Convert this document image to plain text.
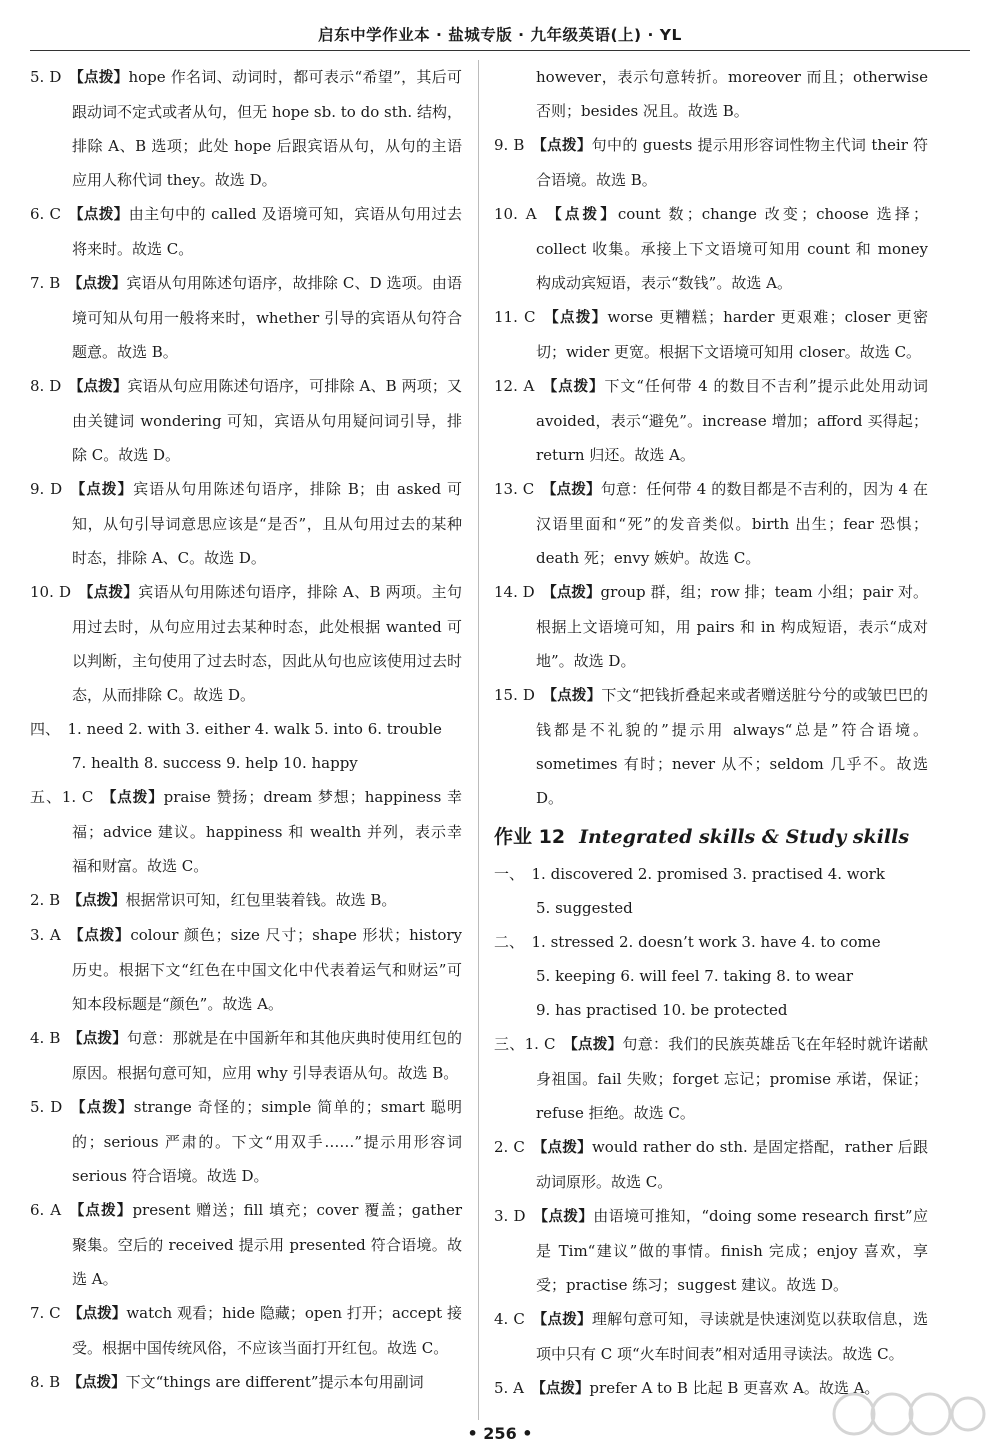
启东中学作业本 · 盐城专版 · 九年级英语(上) · YL
5. D  【点拨】hope 作名词、动词时，都可表示“希望”，其后可跟动词不定式或者从句，但无 hope sb. to do sth. 结构，排除 A、B 选项；此处 hope 后跟宾语从句，从句的主语应用人称代词 they。故选 D。
6. C  【点拨】由主句中的 called 及语境可知，宾语从句用过去将来时。故选 C。
7. B  【点拨】宾语从句用陈述句语序，故排除 C、D 选项。由语境可知从句用一般将来时，whether 引导的宾语从句符合题意。故选 B。
8. D  【点拨】宾语从句应用陈述句语序，可排除 A、B 两项；又由关键词 wondering 可知，宾语从句用疑问词引导，排除 C。故选 D。
9. D  【点拨】宾语从句用陈述句语序，排除 B；由 asked 可知，从句引导词意思应该是“是否”，且从句用过去的某种时态，排除 A、C。故选 D。
10. D  【点拨】宾语从句用陈述句语序，排除 A、B 两项。主句用过去时，从句应用过去某种时态，此处根据 wanted 可以判断，主句使用了过去时态，因此从句也应该使用过去时态，从而排除 C。故选 D。
四、  1. need 2. with 3. either 4. walk 5. into 6. trouble
7. health 8. success 9. help 10. happy
五、1. C  【点拨】praise 赞扬；dream 梦想；happiness 幸福；advice 建议。happiness 和 wealth 并列，表示幸福和财富。故选 C。
2. B  【点拨】根据常识可知，红包里装着钱。故选 B。
3. A  【点拨】colour 颜色；size 尺寸；shape 形状；history 历史。根据下文“红色在中国文化中代表着运气和财运”可知本段标题是“颜色”。故选 A。
4. B  【点拨】句意：那就是在中国新年和其他庆典时使用红包的原因。根据句意可知，应用 why 引导表语从句。故选 B。
5. D  【点拨】strange 奇怪的；simple 简单的；smart 聪明的；serious 严肃的。下文“用双手……”提示用形容词 serious 符合语境。故选 D。
6. A  【点拨】present 赠送；fill 填充；cover 覆盖；gather 聚集。空后的 received 提示用 presented 符合语境。故选 A。
7. C  【点拨】watch 观看；hide 隐藏；open 打开；accept 接受。根据中国传统风俗，不应该当面打开红包。故选 C。
8. B  【点拨】下文“things are different”提示本句用副词
however，表示句意转折。moreover 而且；otherwise 否则；besides 况且。故选 B。
9. B  【点拨】句中的 guests 提示用形容词性物主代词 their 符合语境。故选 B。
10. A  【点拨】count 数；change 改变；choose 选择；collect 收集。承接上下文语境可知用 count 和 money 构成动宾短语，表示“数钱”。故选 A。
11. C  【点拨】worse 更糟糕；harder 更艰难；closer 更密切；wider 更宽。根据下文语境可知用 closer。故选 C。
12. A  【点拨】下文“任何带 4 的数目不吉利”提示此处用动词 avoided，表示“避免”。increase 增加；afford 买得起；return 归还。故选 A。
13. C  【点拨】句意：任何带 4 的数目都是不吉利的，因为 4 在汉语里面和“死”的发音类似。birth 出生；fear 恐惧；death 死；envy 嫉妒。故选 C。
14. D  【点拨】group 群，组；row 排；team 小组；pair 对。根据上文语境可知，用 pairs 和 in 构成短语，表示“成对地”。故选 D。
15. D  【点拨】下文“把钱折叠起来或者赠送脏兮兮的或皱巴巴的钱都是不礼貌的”提示用 always“总是”符合语境。sometimes 有时；never 从不；seldom 几乎不。故选 D。
作业 12 Integrated skills & Study skills
一、  1. discovered 2. promised 3. practised 4. work
5. suggested
二、  1. stressed 2. doesn’t work 3. have 4. to come
5. keeping 6. will feel 7. taking 8. to wear
9. has practised 10. be protected
三、1. C  【点拨】句意：我们的民族英雄岳飞在年轻时就许诺献身祖国。fail 失败；forget 忘记；promise 承诺，保证；refuse 拒绝。故选 C。
2. C  【点拨】would rather do sth. 是固定搭配，rather 后跟动词原形。故选 C。
3. D  【点拨】由语境可推知，“doing some research first”应是 Tim“建议”做的事情。finish 完成；enjoy 喜欢，享受；practise 练习；suggest 建议。故选 D。
4. C  【点拨】理解句意可知，寻读就是快速浏览以获取信息，选项中只有 C 项“火车时间表”相对适用寻读法。故选 C。
5. A  【点拨】prefer A to B 比起 B 更喜欢 A。故选 A。
• 256 •
